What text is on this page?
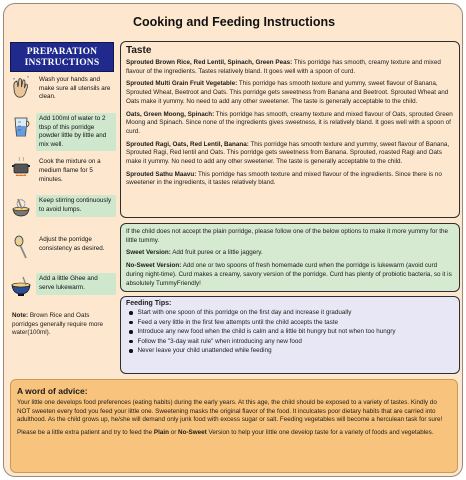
Cooking and Feeding Instructions
PREPARATION
INSTRUCTIONS
Wash your hands and make sure all utensils are clean.
Add 100ml of water to 2 tbsp of this porridge powder little by little and mix well.
Cook the mixture on a medium flame for 5 minutes.
Keep stirring continuously to avoid lumps.
Adjust the porridge consistency as desired.
Add a little Ghee and serve lukewarm.
Note: Brown Rice and Oats porridges generally require more water(100ml).
Taste

Sprouted Brown Rice, Red Lentil, Spinach, Green Peas: This porridge has smooth, creamy texture and mixed flavour of the ingredients. Tastes relatively bland. It goes well with a spoon of curd.

Sprouted Multi Grain Fruit Vegetable: This porridge has smooth texture and yummy, sweet flavour of Banana, Sprouted Wheat, Beetroot and Oats. This porridge gets sweetness from Banana and Beetroot. Sprouted Wheat and Oats make it yummy. No need to add any other sweetener. The taste is generally acceptable to the child.

Oats, Green Moong, Spinach: This porridge has smooth, creamy texture and mixed flavour of Oats, sprouted Green Moong and Spinach. Since none of the ingredients gives sweetness, it is relatively bland. It goes well with a spoon of curd.

Sprouted Ragi, Oats, Red Lentil, Banana: This porridge has smooth texture and yummy, sweet flavour of Banana, Sprouted Ragi, Red lentil and Oats. This porridge gets sweetness from Banana. Sprouted, roasted Ragi and Oats make it yummy. No need to add any other sweetener. The taste is generally acceptable to the child.

Sprouted Sathu Maavu: This porridge has smooth texture and mixed flavour of the ingredients. Since there is no sweetener in the ingredients, it tastes relatively bland.

If the child does not accept the plain porridge, please follow one of the below options to make it more yummy for the little tummy.

Sweet Version: Add fruit puree or a little jaggery.

No-Sweet Version: Add one or two spoons of fresh homemade curd when the porridge is lukewarm (avoid curd during night-time). Curd makes a creamy, savory version of the porridge. Curd has plenty of probiotic bacteria, so it is absolutely TummyFriendly!

Feeding Tips:
Start with one spoon of this porridge on the first day and increase it gradually
Feed a very little in the first few attempts until the child accepts the taste
Introduce any new food when the child is calm and a little bit hungry but not when too hungry
Follow the "3-day wait rule" when introducing any new food
Never leave your child unattended while feeding
A word of advice:

Your little one develops food preferences (eating habits) during the early years. At this age, the child should be exposed to a variety of tastes. Kindly do NOT sweeten every food you feed your little one. Sweetening masks the original flavor of the food. It inculcates poor dietary habits that are carried into adulthood. As the child grows up, he/she will demand only junk food with excess sugar or salt. Feeding vegetables will become a herculean task for sure!

Please be a little extra patient and try to feed the Plain or No-Sweet Version to help your little one develop taste for a variety of foods and vegetables.
